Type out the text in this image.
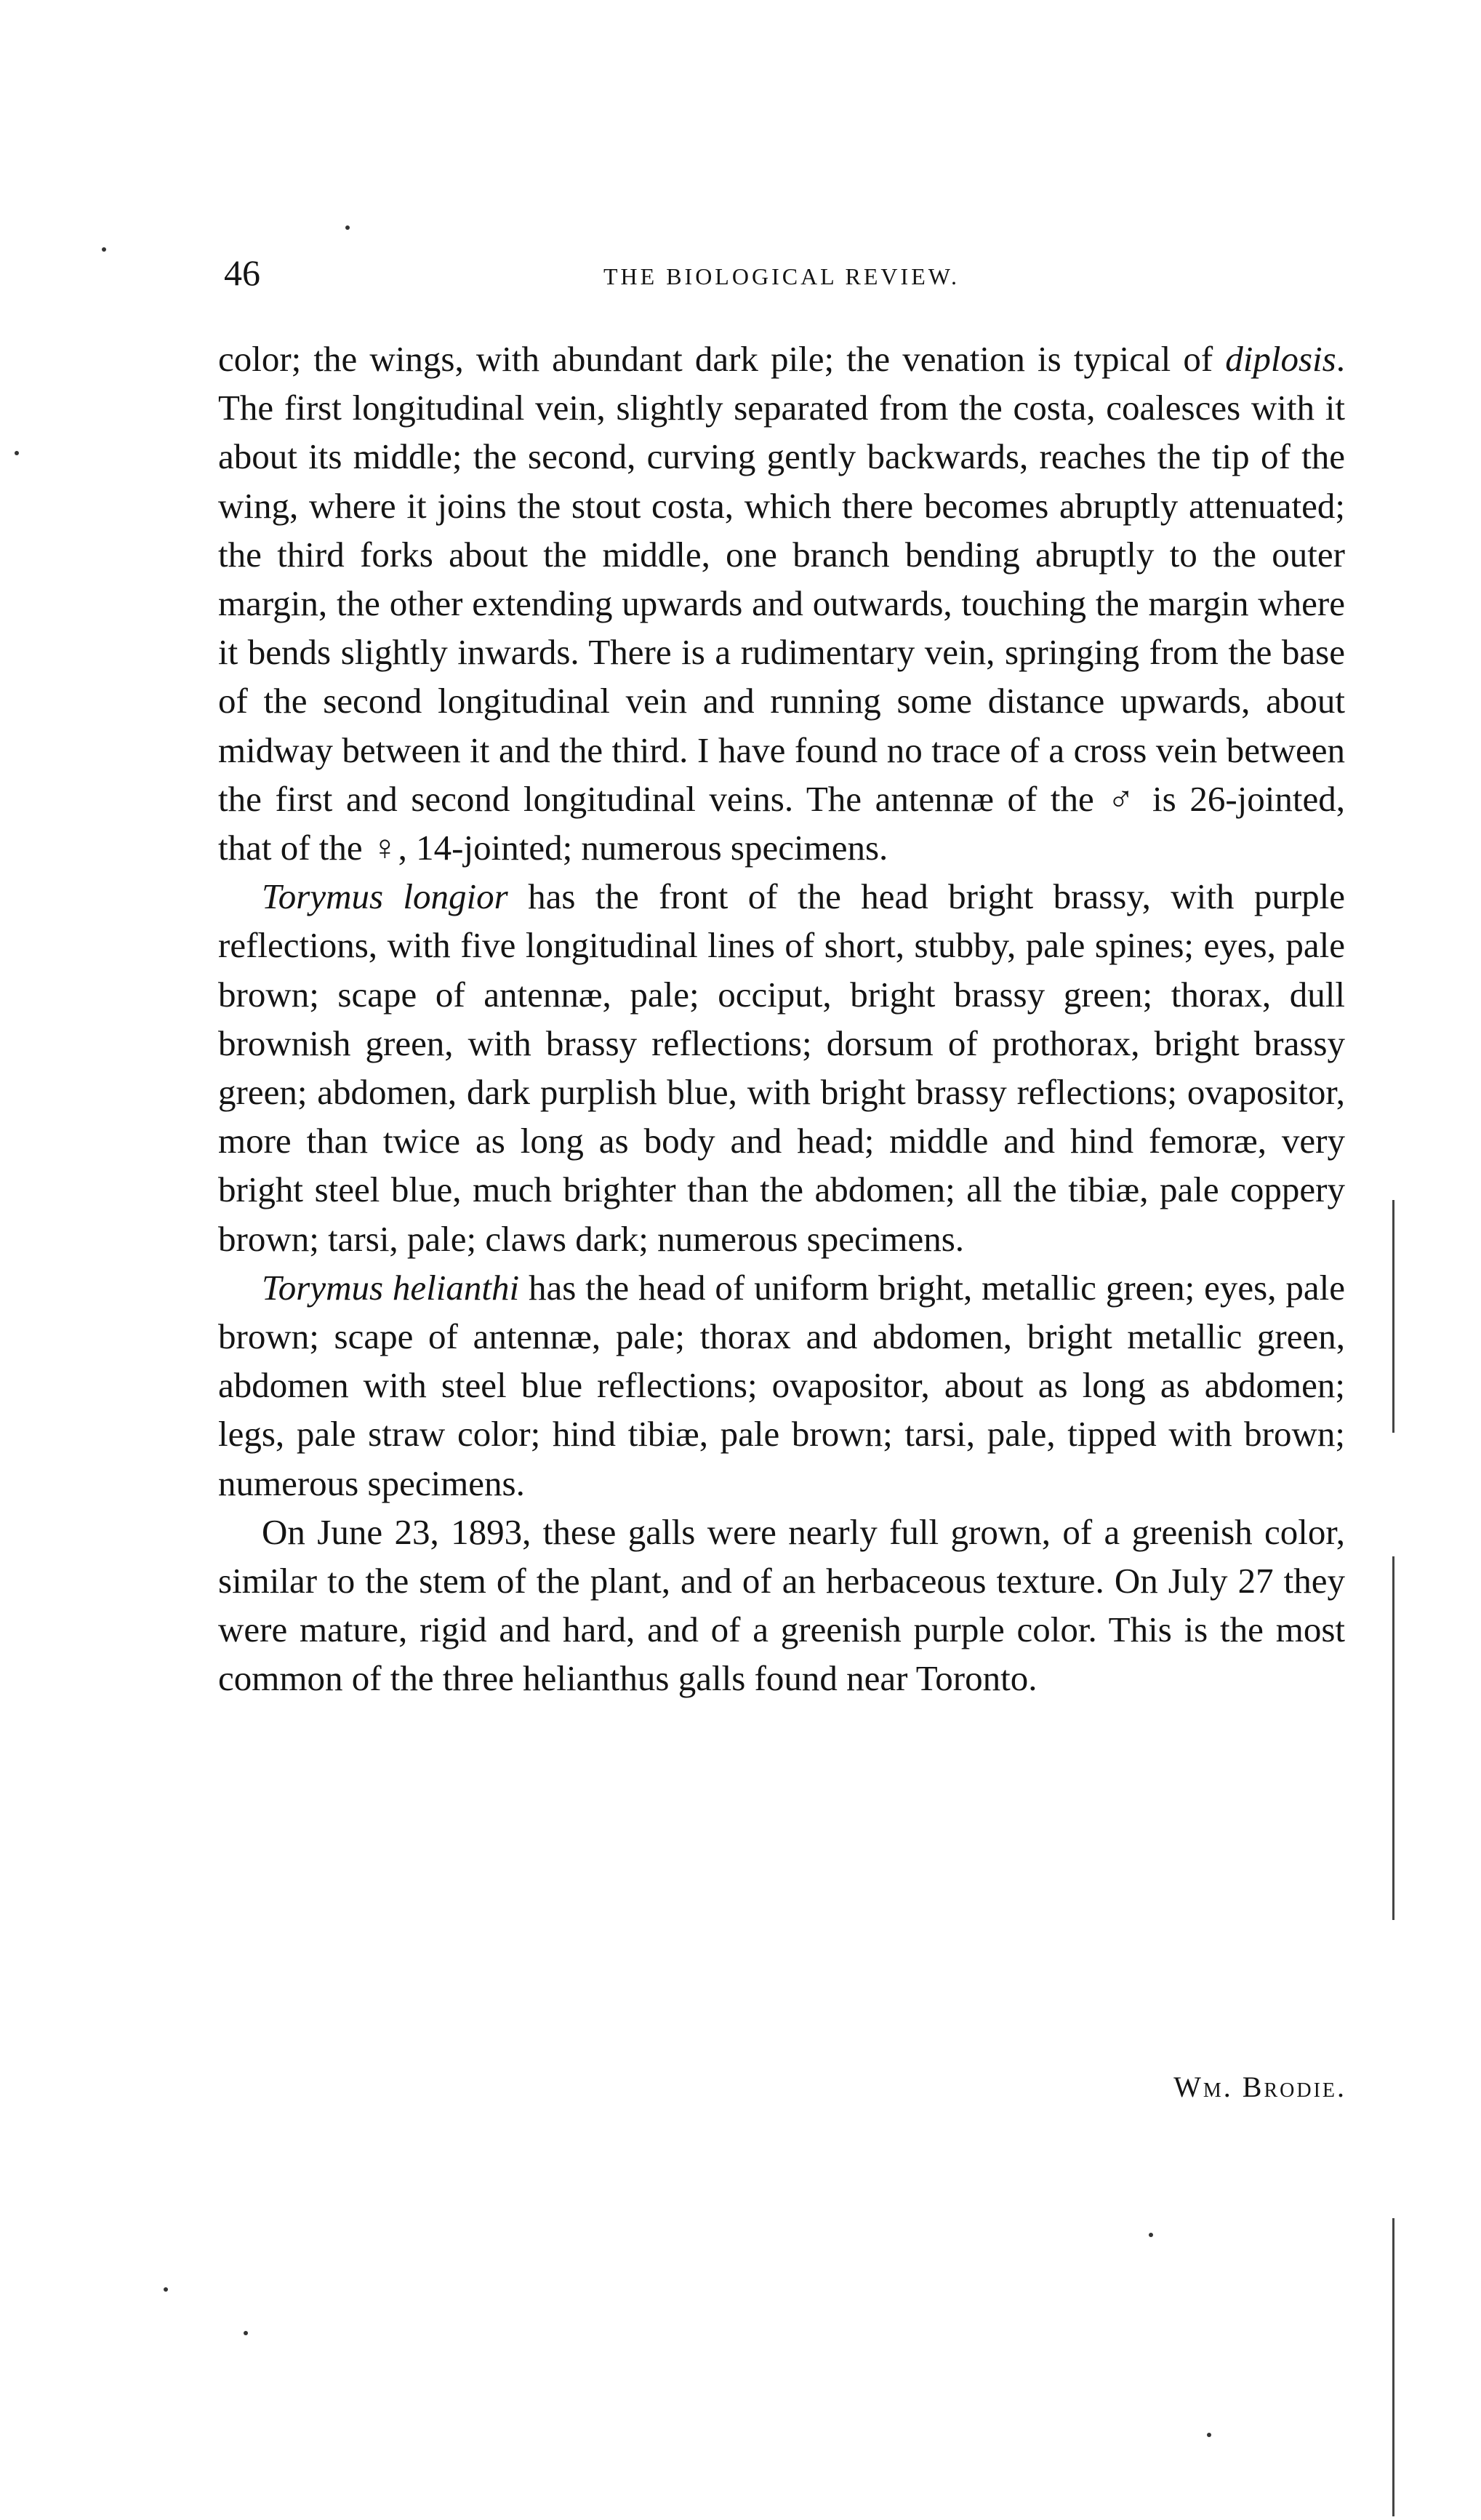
46	THE BIOLOGICAL REVIEW.

color; the wings, with abundant dark pile; the venation is typical of diplosis. The first longitudinal vein, slightly separated from the costa, coalesces with it about its middle; the second, curving gently backwards, reaches the tip of the wing, where it joins the stout costa, which there becomes abruptly attenuated; the third forks about the middle, one branch bending abruptly to the outer margin, the other extending upwards and outwards, touching the margin where it bends slightly inwards. There is a rudimentary vein, springing from the base of the second longitudinal vein and running some distance upwards, about midway between it and the third. I have found no trace of a cross vein between the first and second longitudinal veins. The antennæ of the ♂ is 26-jointed, that of the ♀, 14-jointed; numerous specimens.

Torymus longior has the front of the head bright brassy, with purple reflections, with five longitudinal lines of short, stubby, pale spines; eyes, pale brown; scape of antennæ, pale; occiput, bright brassy green; thorax, dull brownish green, with brassy reflections; dorsum of prothorax, bright brassy green; abdomen, dark purplish blue, with bright brassy reflections; ovapositor, more than twice as long as body and head; middle and hind femoræ, very bright steel blue, much brighter than the abdomen; all the tibiæ, pale coppery brown; tarsi, pale; claws dark; numerous specimens.

Torymus helianthi has the head of uniform bright, metallic green; eyes, pale brown; scape of antennæ, pale; thorax and abdomen, bright metallic green, abdomen with steel blue reflections; ovapositor, about as long as abdomen; legs, pale straw color; hind tibiæ, pale brown; tarsi, pale, tipped with brown; numerous specimens.

On June 23, 1893, these galls were nearly full grown, of a greenish color, similar to the stem of the plant, and of an herbaceous texture. On July 27 they were mature, rigid and hard, and of a greenish purple color. This is the most common of the three helianthus galls found near Toronto.

Wm. Brodie.
